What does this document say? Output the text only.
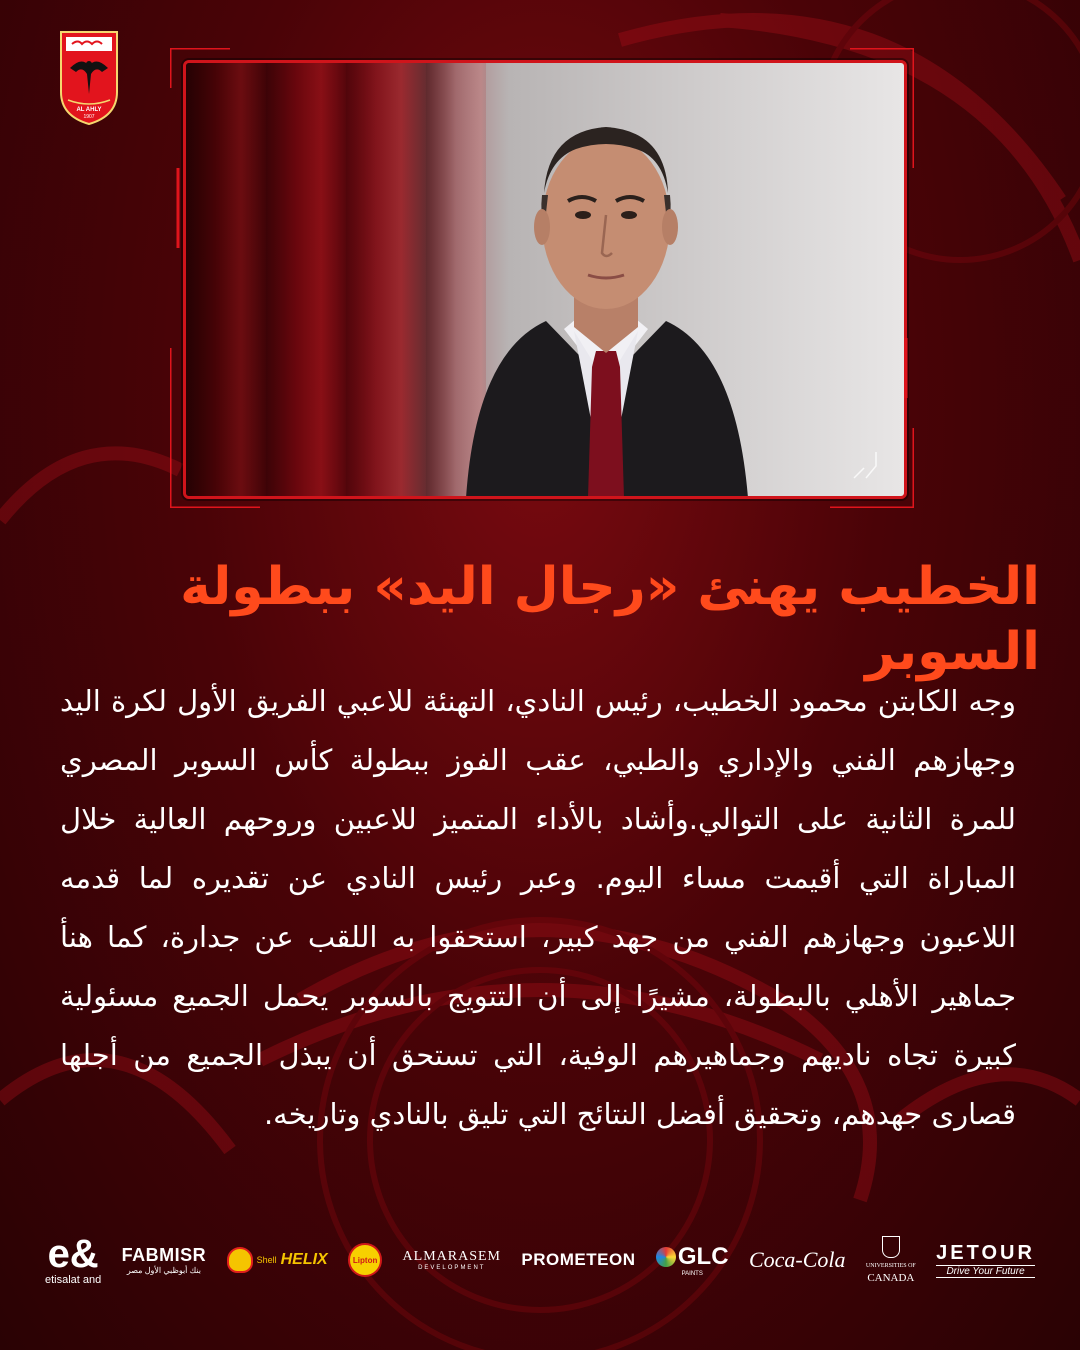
AL AHLY
1907
الخطيب يهنئ «رجال اليد» ببطولة السوبر
وجه الكابتن محمود الخطيب، رئيس النادي، التهنئة للاعبي الفريق الأول لكرة اليد وجهازهم الفني والإداري والطبي، عقب الفوز ببطولة كأس السوبر المصري للمرة الثانية على التوالي.وأشاد بالأداء المتميز للاعبين وروحهم العالية خلال المباراة التي أقيمت مساء اليوم. وعبر رئيس النادي عن تقديره لما قدمه اللاعبون وجهازهم الفني من جهد كبير، استحقوا به اللقب عن جدارة، كما هنأ جماهير الأهلي بالبطولة، مشيرًا إلى أن التتويج بالسوبر يحمل الجميع مسئولية كبيرة تجاه ناديهم وجماهيرهم الوفية، التي تستحق أن يبذل الجميع من أجلها قصارى جهدهم، وتحقيق أفضل النتائج التي تليق بالنادي وتاريخه.
e&
etisalat and
FABMISR
بنك أبوظبي الأول مصر
Shell HELIX	Lipton	ALMARASEM
DEVELOPMENT	PROMETEON GLC
PAINTS
Coca-Cola	UNIVERSITIES OF
CANADA
JETOUR
Drive Your Future
